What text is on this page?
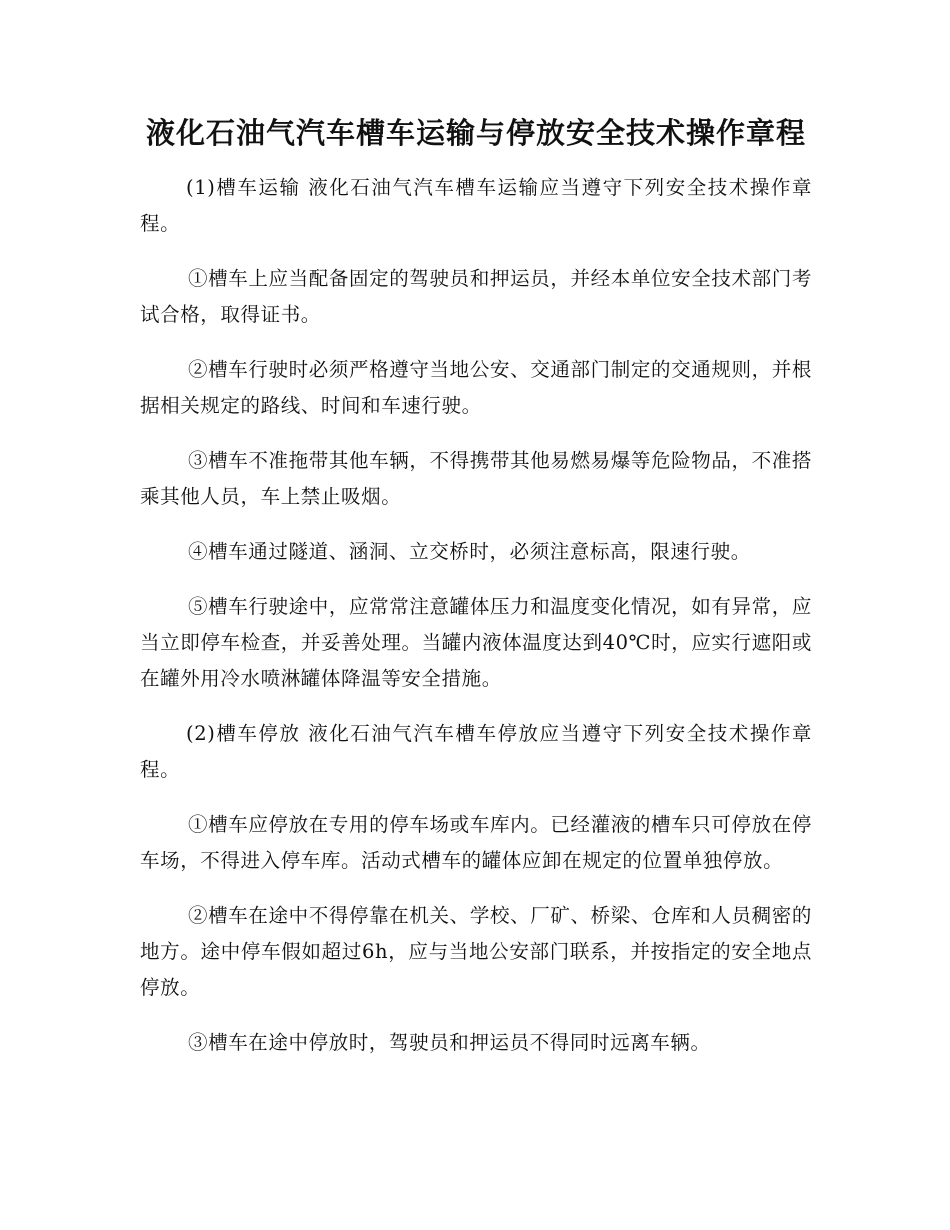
液化石油气汽车槽车运输与停放安全技术操作章程

(1)槽车运输 液化石油气汽车槽车运输应当遵守下列安全技术操作章程。

①槽车上应当配备固定的驾驶员和押运员，并经本单位安全技术部门考试合格，取得证书。

②槽车行驶时必须严格遵守当地公安、交通部门制定的交通规则，并根据相关规定的路线、时间和车速行驶。

③槽车不准拖带其他车辆，不得携带其他易燃易爆等危险物品，不准搭乘其他人员，车上禁止吸烟。

④槽车通过隧道、涵洞、立交桥时，必须注意标高，限速行驶。

⑤槽车行驶途中，应常常注意罐体压力和温度变化情况，如有异常，应当立即停车检查，并妥善处理。当罐内液体温度达到40℃时，应实行遮阳或在罐外用冷水喷淋罐体降温等安全措施。

(2)槽车停放 液化石油气汽车槽车停放应当遵守下列安全技术操作章程。

①槽车应停放在专用的停车场或车库内。已经灌液的槽车只可停放在停车场，不得进入停车库。活动式槽车的罐体应卸在规定的位置单独停放。

②槽车在途中不得停靠在机关、学校、厂矿、桥梁、仓库和人员稠密的地方。途中停车假如超过6h，应与当地公安部门联系，并按指定的安全地点停放。

③槽车在途中停放时，驾驶员和押运员不得同时远离车辆。
